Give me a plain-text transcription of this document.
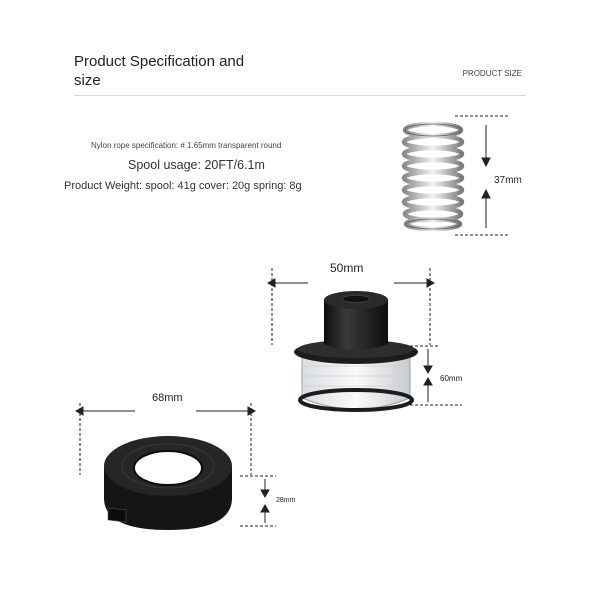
Product Specification and size	PRODUCT SIZE
Nylon rope specification: # 1.65mm transparent round
Spool usage: 20FT/6.1m
Product Weight: spool: 41g cover: 20g spring: 8g	37mm
50mm
60mm
68mm
28mm
